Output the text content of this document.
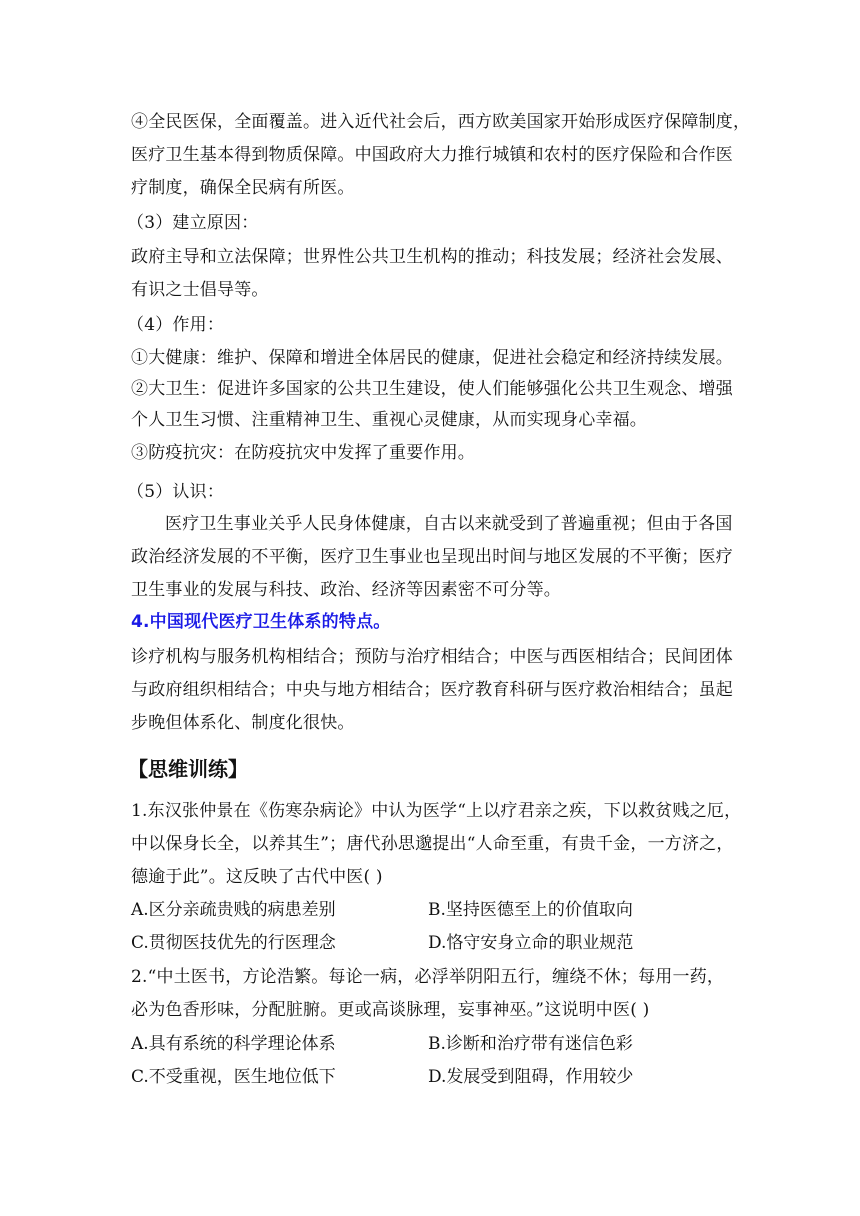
④全民医保，全面覆盖。进入近代社会后，西方欧美国家开始形成医疗保障制度，
医疗卫生基本得到物质保障。中国政府大力推行城镇和农村的医疗保险和合作医
疗制度，确保全民病有所医。
（3）建立原因：
政府主导和立法保障；世界性公共卫生机构的推动；科技发展；经济社会发展、
有识之士倡导等。
（4）作用：
①大健康：维护、保障和增进全体居民的健康，促进社会稳定和经济持续发展。
②大卫生：促进许多国家的公共卫生建设，使人们能够强化公共卫生观念、增强
个人卫生习惯、注重精神卫生、重视心灵健康，从而实现身心幸福。
③防疫抗灾：在防疫抗灾中发挥了重要作用。
（5）认识：
医疗卫生事业关乎人民身体健康，自古以来就受到了普遍重视；但由于各国
政治经济发展的不平衡，医疗卫生事业也呈现出时间与地区发展的不平衡；医疗
卫生事业的发展与科技、政治、经济等因素密不可分等。
4.中国现代医疗卫生体系的特点。
诊疗机构与服务机构相结合；预防与治疗相结合；中医与西医相结合；民间团体
与政府组织相结合；中央与地方相结合；医疗教育科研与医疗救治相结合；虽起
步晚但体系化、制度化很快。
【思维训练】
1.东汉张仲景在《伤寒杂病论》中认为医学“上以疗君亲之疾，下以救贫贱之厄，
中以保身长全，以养其生”；唐代孙思邈提出“人命至重，有贵千金，一方济之，
德逾于此”。这反映了古代中医( )
A.区分亲疏贵贱的病患差别	B.坚持医德至上的价值取向
C.贯彻医技优先的行医理念	D.恪守安身立命的职业规范
2.“中土医书，方论浩繁。每论一病，必浮举阴阳五行，缠绕不休；每用一药，
必为色香形味，分配脏腑。更或高谈脉理，妄事神巫。”这说明中医( )
A.具有系统的科学理论体系	B.诊断和治疗带有迷信色彩
C.不受重视，医生地位低下	D.发展受到阻碍，作用较少
